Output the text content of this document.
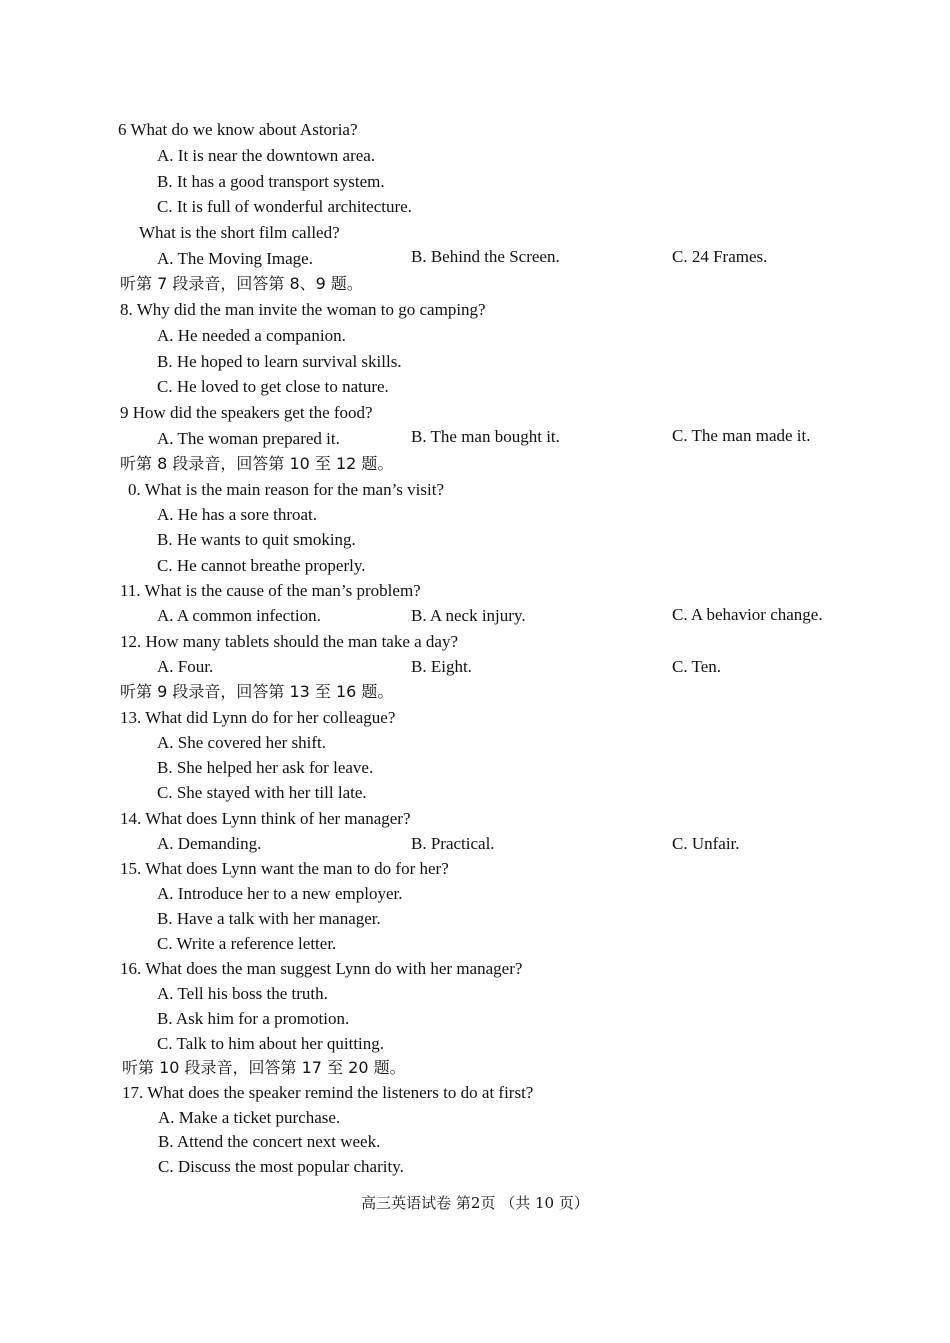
6 What do we know about Astoria?
A. It is near the downtown area.
B. It has a good transport system.
C. It is full of wonderful architecture.
What is the short film called?
A. The Moving Image.	B. Behind the Screen.	C. 24 Frames.
听第 7 段录音，回答第 8、9 题。
8. Why did the man invite the woman to go camping?
A. He needed a companion.
B. He hoped to learn survival skills.
C. He loved to get close to nature.
9 How did the speakers get the food?
A. The woman prepared it.	B. The man bought it.	C. The man made it.
听第 8 段录音，回答第 10 至 12 题。
0. What is the main reason for the man’s visit?
A. He has a sore throat.
B. He wants to quit smoking.
C. He cannot breathe properly.
11. What is the cause of the man’s problem?
A. A common infection.	B. A neck injury.	C. A behavior change.
12. How many tablets should the man take a day?
A. Four.	B. Eight.	C. Ten.
听第 9 段录音，回答第 13 至 16 题。
13. What did Lynn do for her colleague?
A. She covered her shift.
B. She helped her ask for leave.
C. She stayed with her till late.
14. What does Lynn think of her manager?
A. Demanding.	B. Practical.	C. Unfair.
15. What does Lynn want the man to do for her?
A. Introduce her to a new employer.
B. Have a talk with her manager.
C. Write a reference letter.
16. What does the man suggest Lynn do with her manager?
A. Tell his boss the truth.
B. Ask him for a promotion.
C. Talk to him about her quitting.
听第 10 段录音，回答第 17 至 20 题。
17. What does the speaker remind the listeners to do at first?
A. Make a ticket purchase.
B. Attend the concert next week.
C. Discuss the most popular charity.
高三英语试卷 第2页 （共 10 页）
